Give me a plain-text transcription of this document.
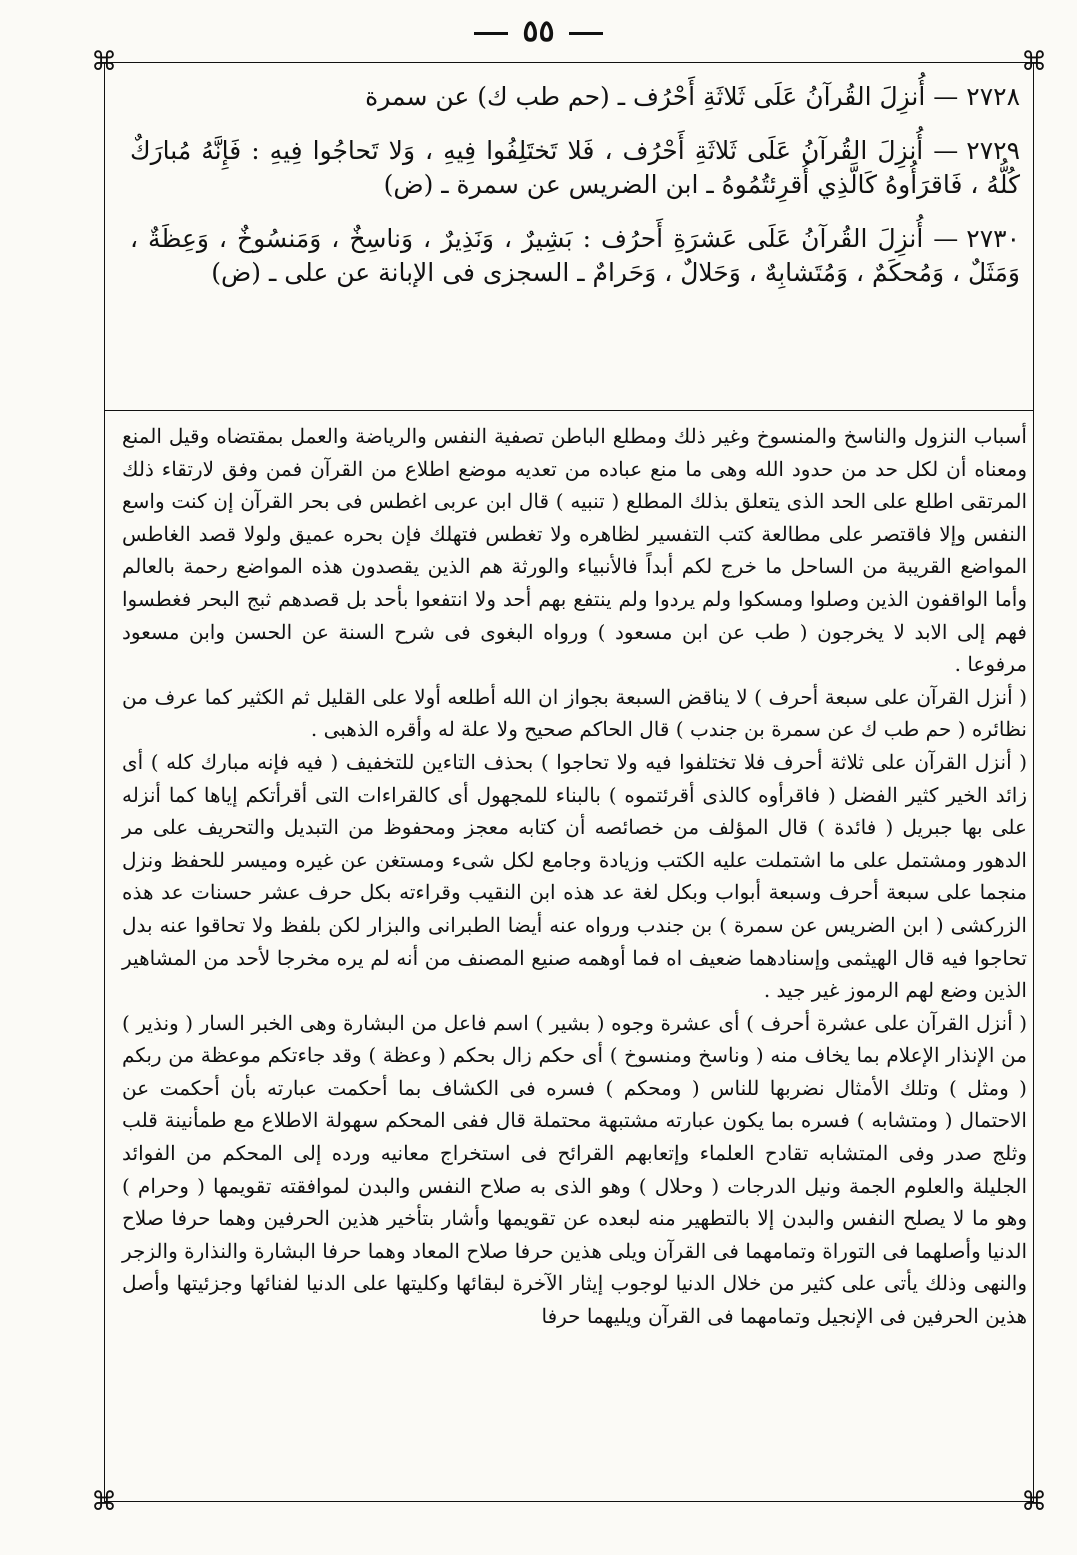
٥٥
⌘	⌘
⌘	⌘

٢٧٢٨— أُنزِلَ القُرآنُ عَلَى ثَلاثَةِ أَحْرُف ـ (حم طب ك) عن سمرة

٢٧٢٩— أُنزِلَ القُرآنُ عَلَى ثَلاثَةِ أَحْرُف ، فَلا تَختَلِفُوا فِيهِ ، وَلا تَحاجُوا فِيهِ : فَإِنَّهُ مُبارَكٌ كُلُّهُ ، فَاقرَأُوهُ كَالَّذِي أُقرِئتُمُوهُ ـ ابن الضريس عن سمرة ـ (ض)

٢٧٣٠— أُنزِلَ القُرآنُ عَلَى عَشرَةِ أَحرُف : بَشِيرٌ ، وَنَذِيرٌ ، وَناسِخٌ ، وَمَنسُوخٌ ، وَعِظَةٌ ، وَمَثَلٌ ، وَمُحكَمٌ ، وَمُتَشابِهٌ ، وَحَلالٌ ، وَحَرامٌ ـ السجزى فى الإبانة عن على ـ (ض)

أسباب النزول والناسخ والمنسوخ وغير ذلك ومطلع الباطن تصفية النفس والرياضة والعمل بمقتضاه وقيل المنع ومعناه أن لكل حد من حدود الله وهى ما منع عباده من تعديه موضع اطلاع من القرآن فمن وفق لارتقاء ذلك المرتقى اطلع على الحد الذى يتعلق بذلك المطلع ( تنبيه ) قال ابن عربى اغطس فى بحر القرآن إن كنت واسع النفس وإلا فاقتصر على مطالعة كتب التفسير لظاهره ولا تغطس فتهلك فإن بحره عميق ولولا قصد الغاطس المواضع القريبة من الساحل ما خرج لكم أبداً فالأنبياء والورثة هم الذين يقصدون هذه المواضع رحمة بالعالم وأما الواقفون الذين وصلوا ومسكوا ولم يردوا ولم ينتفع بهم أحد ولا انتفعوا بأحد بل قصدهم ثبج البحر فغطسوا فهم إلى الابد لا يخرجون ( طب عن ابن مسعود ) ورواه البغوى فى شرح السنة عن الحسن وابن مسعود مرفوعا .

( أنزل القرآن على سبعة أحرف ) لا يناقض السبعة بجواز ان الله أطلعه أولا على القليل ثم الكثير كما عرف من نظائره ( حم طب ك عن سمرة بن جندب ) قال الحاكم صحيح ولا علة له وأقره الذهبى .

( أنزل القرآن على ثلاثة أحرف فلا تختلفوا فيه ولا تحاجوا ) بحذف التاءين للتخفيف ( فيه فإنه مبارك كله ) أى زائد الخير كثير الفضل ( فاقرأوه كالذى أقرئتموه ) بالبناء للمجهول أى كالقراءات التى أقرأتكم إياها كما أنزله على بها جبريل ( فائدة ) قال المؤلف من خصائصه أن كتابه معجز ومحفوظ من التبديل والتحريف على مر الدهور ومشتمل على ما اشتملت عليه الكتب وزيادة وجامع لكل شىء ومستغن عن غيره وميسر للحفظ ونزل منجما على سبعة أحرف وسبعة أبواب وبكل لغة عد هذه ابن النقيب وقراءته بكل حرف عشر حسنات عد هذه الزركشى ( ابن الضريس عن سمرة ) بن جندب ورواه عنه أيضا الطبرانى والبزار لكن بلفظ ولا تحاقوا عنه بدل تحاجوا فيه قال الهيثمى وإسنادهما ضعيف اه فما أوهمه صنيع المصنف من أنه لم يره مخرجا لأحد من المشاهير الذين وضع لهم الرموز غير جيد .

( أنزل القرآن على عشرة أحرف ) أى عشرة وجوه ( بشير ) اسم فاعل من البشارة وهى الخبر السار ( ونذير ) من الإنذار الإعلام بما يخاف منه ( وناسخ ومنسوخ ) أى حكم زال بحكم ( وعظة ) وقد جاءتكم موعظة من ربكم ( ومثل ) وتلك الأمثال نضربها للناس ( ومحكم ) فسره فى الكشاف بما أحكمت عبارته بأن أحكمت عن الاحتمال ( ومتشابه ) فسره بما يكون عبارته مشتبهة محتملة قال ففى المحكم سهولة الاطلاع مع طمأنينة قلب وثلج صدر وفى المتشابه تقادح العلماء وإتعابهم القرائح فى استخراج معانيه ورده إلى المحكم من الفوائد الجليلة والعلوم الجمة ونيل الدرجات ( وحلال ) وهو الذى به صلاح النفس والبدن لموافقته تقويمها ( وحرام ) وهو ما لا يصلح النفس والبدن إلا بالتطهير منه لبعده عن تقويمها وأشار بتأخير هذين الحرفين وهما حرفا صلاح الدنيا وأصلهما فى التوراة وتمامهما فى القرآن ويلى هذين حرفا صلاح المعاد وهما حرفا البشارة والنذارة والزجر والنهى وذلك يأتى على كثير من خلال الدنيا لوجوب إيثار الآخرة لبقائها وكليتها على الدنيا لفنائها وجزئيتها وأصل هذين الحرفين فى الإنجيل وتمامهما فى القرآن ويليهما حرفا
